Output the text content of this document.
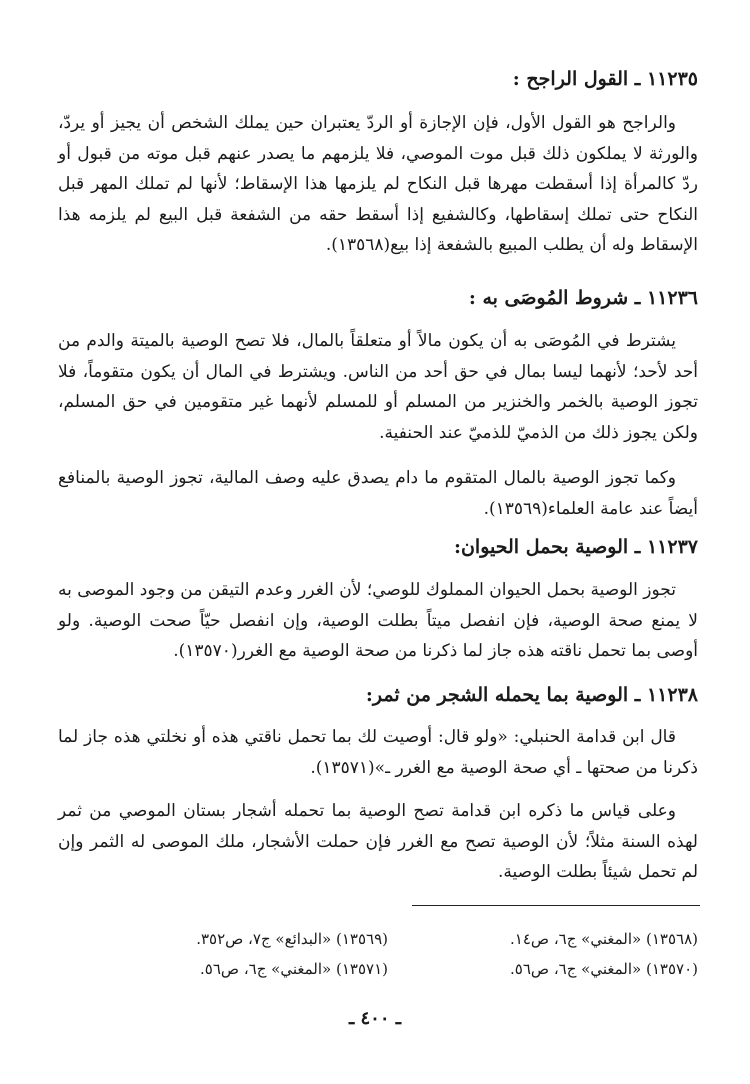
١١٢٣٥ ـ القول الراجح :
والراجح هو القول الأول، فإن الإجازة أو الردّ يعتبران حين يملك الشخص أن يجيز أو يردّ، والورثة لا يملكون ذلك قبل موت الموصي، فلا يلزمهم ما يصدر عنهم قبل موته من قبول أو ردّ كالمرأة إذا أسقطت مهرها قبل النكاح لم يلزمها هذا الإسقاط؛ لأنها لم تملك المهر قبل النكاح حتى تملك إسقاطها، وكالشفيع إذا أسقط حقه من الشفعة قبل البيع لم يلزمه هذا الإسقاط وله أن يطلب المبيع بالشفعة إذا بيع(١٣٥٦٨).
١١٢٣٦ ـ شروط المُوصَى به :
يشترط في المُوصَى به أن يكون مالاً أو متعلقاً بالمال، فلا تصح الوصية بالميتة والدم من أحد لأحد؛ لأنهما ليسا بمال في حق أحد من الناس. ويشترط في المال أن يكون متقوماً، فلا تجوز الوصية بالخمر والخنزير من المسلم أو للمسلم لأنهما غير متقومين في حق المسلم، ولكن يجوز ذلك من الذميّ للذميّ عند الحنفية.
وكما تجوز الوصية بالمال المتقوم ما دام يصدق عليه وصف المالية، تجوز الوصية بالمنافع أيضاً عند عامة العلماء(١٣٥٦٩).
١١٢٣٧ ـ الوصية بحمل الحيوان:
تجوز الوصية بحمل الحيوان المملوك للوصي؛ لأن الغرر وعدم التيقن من وجود الموصى به لا يمنع صحة الوصية، فإن انفصل ميتاً بطلت الوصية، وإن انفصل حيّاً صحت الوصية. ولو أوصى بما تحمل ناقته هذه جاز لما ذكرنا من صحة الوصية مع الغرر(١٣٥٧٠).
١١٢٣٨ ـ الوصية بما يحمله الشجر من ثمر:
قال ابن قدامة الحنبلي: «ولو قال: أوصيت لك بما تحمل ناقتي هذه أو نخلتي هذه جاز لما ذكرنا من صحتها ـ أي صحة الوصية مع الغرر ـ»(١٣٥٧١).
وعلى قياس ما ذكره ابن قدامة تصح الوصية بما تحمله أشجار بستان الموصي من ثمر لهذه السنة مثلاً؛ لأن الوصية تصح مع الغرر فإن حملت الأشجار، ملك الموصى له الثمر وإن لم تحمل شيئاً بطلت الوصية.
(١٣٥٦٨) «المغني» ج٦، ص١٤.
(١٣٥٦٩) «البدائع» ج٧، ص٣٥٢.
(١٣٥٧٠) «المغني» ج٦، ص٥٦.
(١٣٥٧١) «المغني» ج٦، ص٥٦.
ـ ٤٠٠ ـ
